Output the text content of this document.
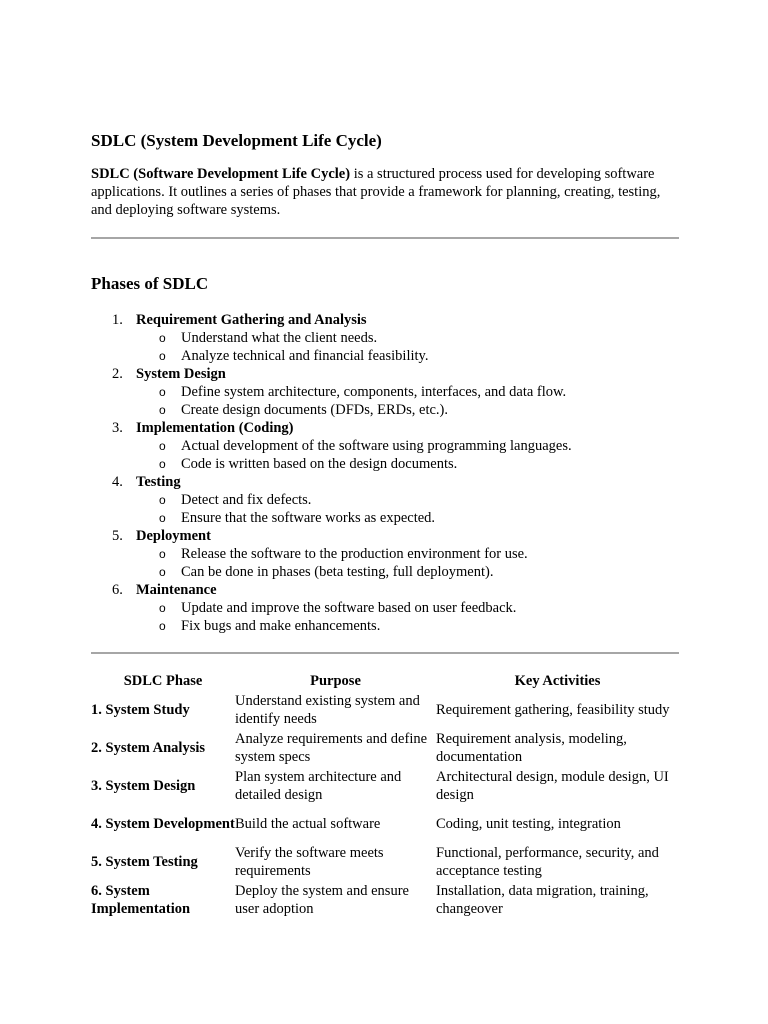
SDLC (System Development Life Cycle)

SDLC (Software Development Life Cycle) is a structured process used for developing software applications. It outlines a series of phases that provide a framework for planning, creating, testing, and deploying software systems.

Phases of SDLC
1. Requirement Gathering and Analysis
o Understand what the client needs.
o Analyze technical and financial feasibility.
2. System Design
o Define system architecture, components, interfaces, and data flow.
o Create design documents (DFDs, ERDs, etc.).
3. Implementation (Coding)
o Actual development of the software using programming languages.
o Code is written based on the design documents.
4. Testing
o Detect and fix defects.
o Ensure that the software works as expected.
5. Deployment
o Release the software to the production environment for use.
o Can be done in phases (beta testing, full deployment).
6. Maintenance
o Update and improve the software based on user feedback.
o Fix bugs and make enhancements.
SDLC Phase	Purpose	Key Activities
1. System Study	Understand existing system and identify needs	Requirement gathering, feasibility study
2. System Analysis	Analyze requirements and define system specs	Requirement analysis, modeling, documentation
3. System Design	Plan system architecture and detailed design	Architectural design, module design, UI design
4. System Development	Build the actual software	Coding, unit testing, integration
5. System Testing	Verify the software meets requirements	Functional, performance, security, and acceptance testing
6. System Implementation	Deploy the system and ensure user adoption	Installation, data migration, training, changeover
